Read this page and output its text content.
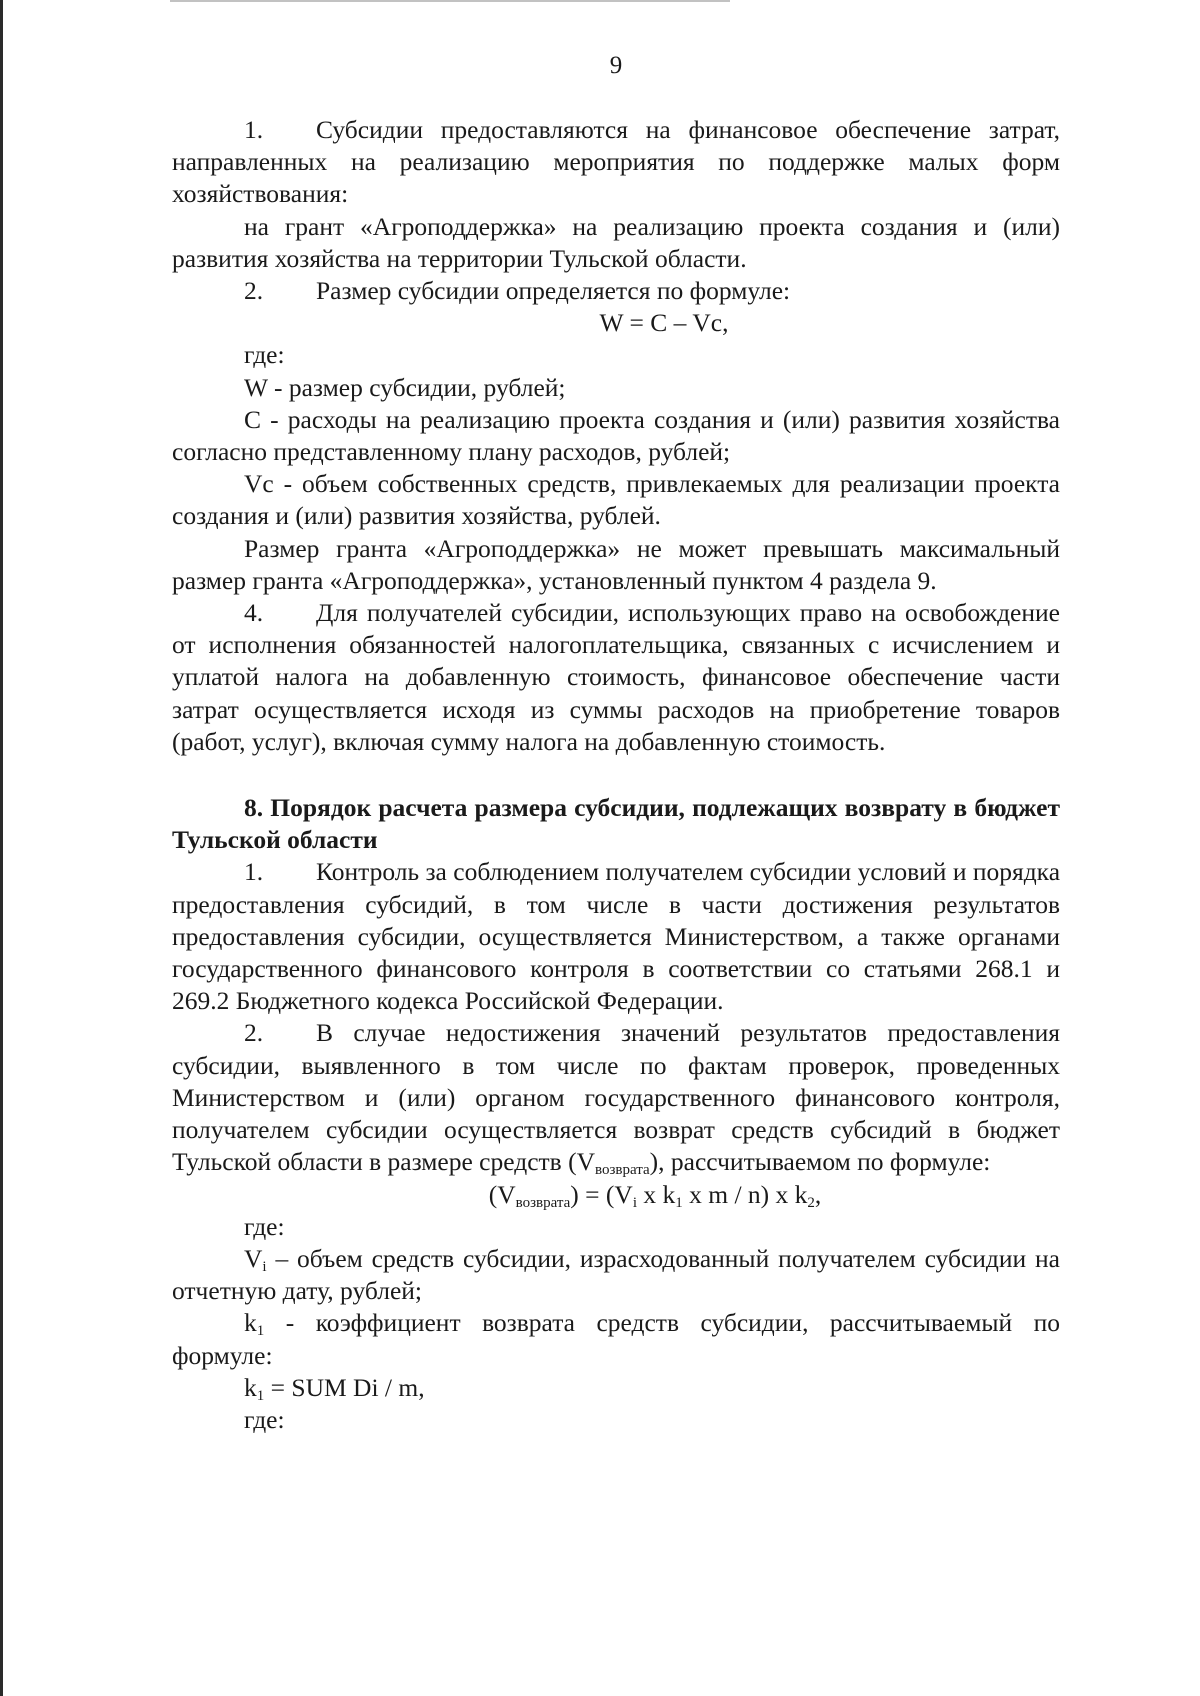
9

1. Субсидии предоставляются на финансовое обеспечение затрат, направленных на реализацию мероприятия по поддержке малых форм хозяйствования:

на грант «Агроподдержка» на реализацию проекта создания и (или) развития хозяйства на территории Тульской области.

2. Размер субсидии определяется по формуле:

W = C – Vc,

где:

W - размер субсидии, рублей;

С - расходы на реализацию проекта создания и (или) развития хозяйства согласно представленному плану расходов, рублей;

Vc - объем собственных средств, привлекаемых для реализации проекта создания и (или) развития хозяйства, рублей.

Размер гранта «Агроподдержка» не может превышать максимальный размер гранта «Агроподдержка», установленный пунктом 4 раздела 9.

4. Для получателей субсидии, использующих право на освобождение от исполнения обязанностей налогоплательщика, связанных с исчислением и уплатой налога на добавленную стоимость, финансовое обеспечение части затрат осуществляется исходя из суммы расходов на приобретение товаров (работ, услуг), включая сумму налога на добавленную стоимость.

8. Порядок расчета размера субсидии, подлежащих возврату в бюджет Тульской области

1. Контроль за соблюдением получателем субсидии условий и порядка предоставления субсидий, в том числе в части достижения результатов предоставления субсидии, осуществляется Министерством, а также органами государственного финансового контроля в соответствии со статьями 268.1 и 269.2 Бюджетного кодекса Российской Федерации.

2. В случае недостижения значений результатов предоставления субсидии, выявленного в том числе по фактам проверок, проведенных Министерством и (или) органом государственного финансового контроля, получателем субсидии осуществляется возврат средств субсидий в бюджет Тульской области в размере средств $(V_{возврата})$, рассчитываемом по формуле:

$(V_{возврата}) = (V_i$ x $k_1$ x m / n) x $k_2$,

где:

$V_i$ – объем средств субсидии, израсходованный получателем субсидии на отчетную дату, рублей;

$k_1$ - коэффициент возврата средств субсидии, рассчитываемый по формуле:

$k_1$ = SUM Di / m,

где:
